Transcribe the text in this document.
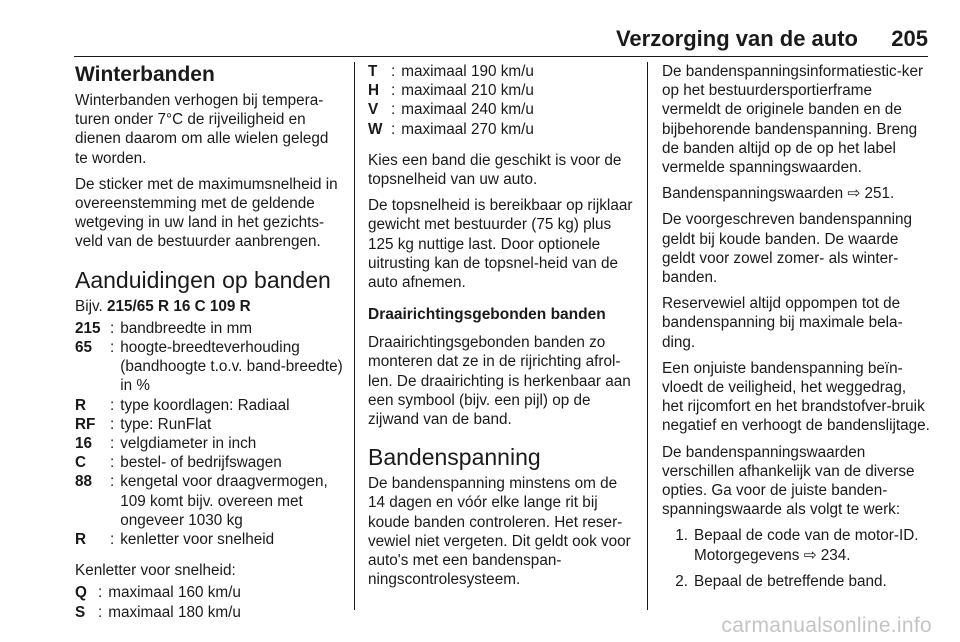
Verzorging van de auto 205
Winterbanden

Winterbanden verhogen bij tempera-turen onder 7°C de rijveiligheid en dienen daarom om alle wielen gelegd te worden.

De sticker met de maximumsnelheid in overeenstemming met de geldende wetgeving in uw land in het gezichts-veld van de bestuurder aanbrengen.

Aanduidingen op banden

Bijv. 215/65 R 16 C 109 R

215 : bandbreedte in mm
65	: hoogte-breedteverhouding (bandhoogte t.o.v. band-breedte) in %
R	: type koordlagen: Radiaal
RF : type: RunFlat
16	: velgdiameter in inch
C	: bestel- of bedrijfswagen
88	: kengetal voor draagvermogen, 109 komt bijv. overeen met ongeveer 1030 kg
R	: kenletter voor snelheid

Kenletter voor snelheid:

Q : maximaal 160 km/u
S : maximaal 180 km/u
T : maximaal 190 km/u
H : maximaal 210 km/u
V : maximaal 240 km/u
W : maximaal 270 km/u

Kies een band die geschikt is voor de topsnelheid van uw auto.

De topsnelheid is bereikbaar op rijklaar gewicht met bestuurder (75 kg) plus 125 kg nuttige last. Door optionele uitrusting kan de topsnel-heid van de auto afnemen.

Draairichtingsgebonden banden

Draairichtingsgebonden banden zo monteren dat ze in de rijrichting afrol-len. De draairichting is herkenbaar aan een symbool (bijv. een pijl) op de zijwand van de band.

Bandenspanning

De bandenspanning minstens om de 14 dagen en vóór elke lange rit bij koude banden controleren. Het reser-vewiel niet vergeten. Dit geldt ook voor auto's met een bandenspan-ningscontrolesysteem.

De bandenspanningsinformatiestic-ker op het bestuurdersportierframe vermeldt de originele banden en de bijbehorende bandenspanning. Breng de banden altijd op de op het label vermelde spanningswaarden.

Bandenspanningswaarden ⇨ 251.

De voorgeschreven bandenspanning geldt bij koude banden. De waarde geldt voor zowel zomer- als winter-banden.

Reservewiel altijd oppompen tot de bandenspanning bij maximale bela-ding.

Een onjuiste bandenspanning beïn-vloedt de veiligheid, het weggedrag, het rijcomfort en het brandstofver-bruik negatief en verhoogt de bandenslijtage.

De bandenspanningswaarden verschillen afhankelijk van de diverse opties. Ga voor de juiste banden-spanningswaarde als volgt te werk:

1. Bepaal de code van de motor-ID. Motorgegevens ⇨ 234.
2. Bepaal de betreffende band.
carmanualsonline.info
